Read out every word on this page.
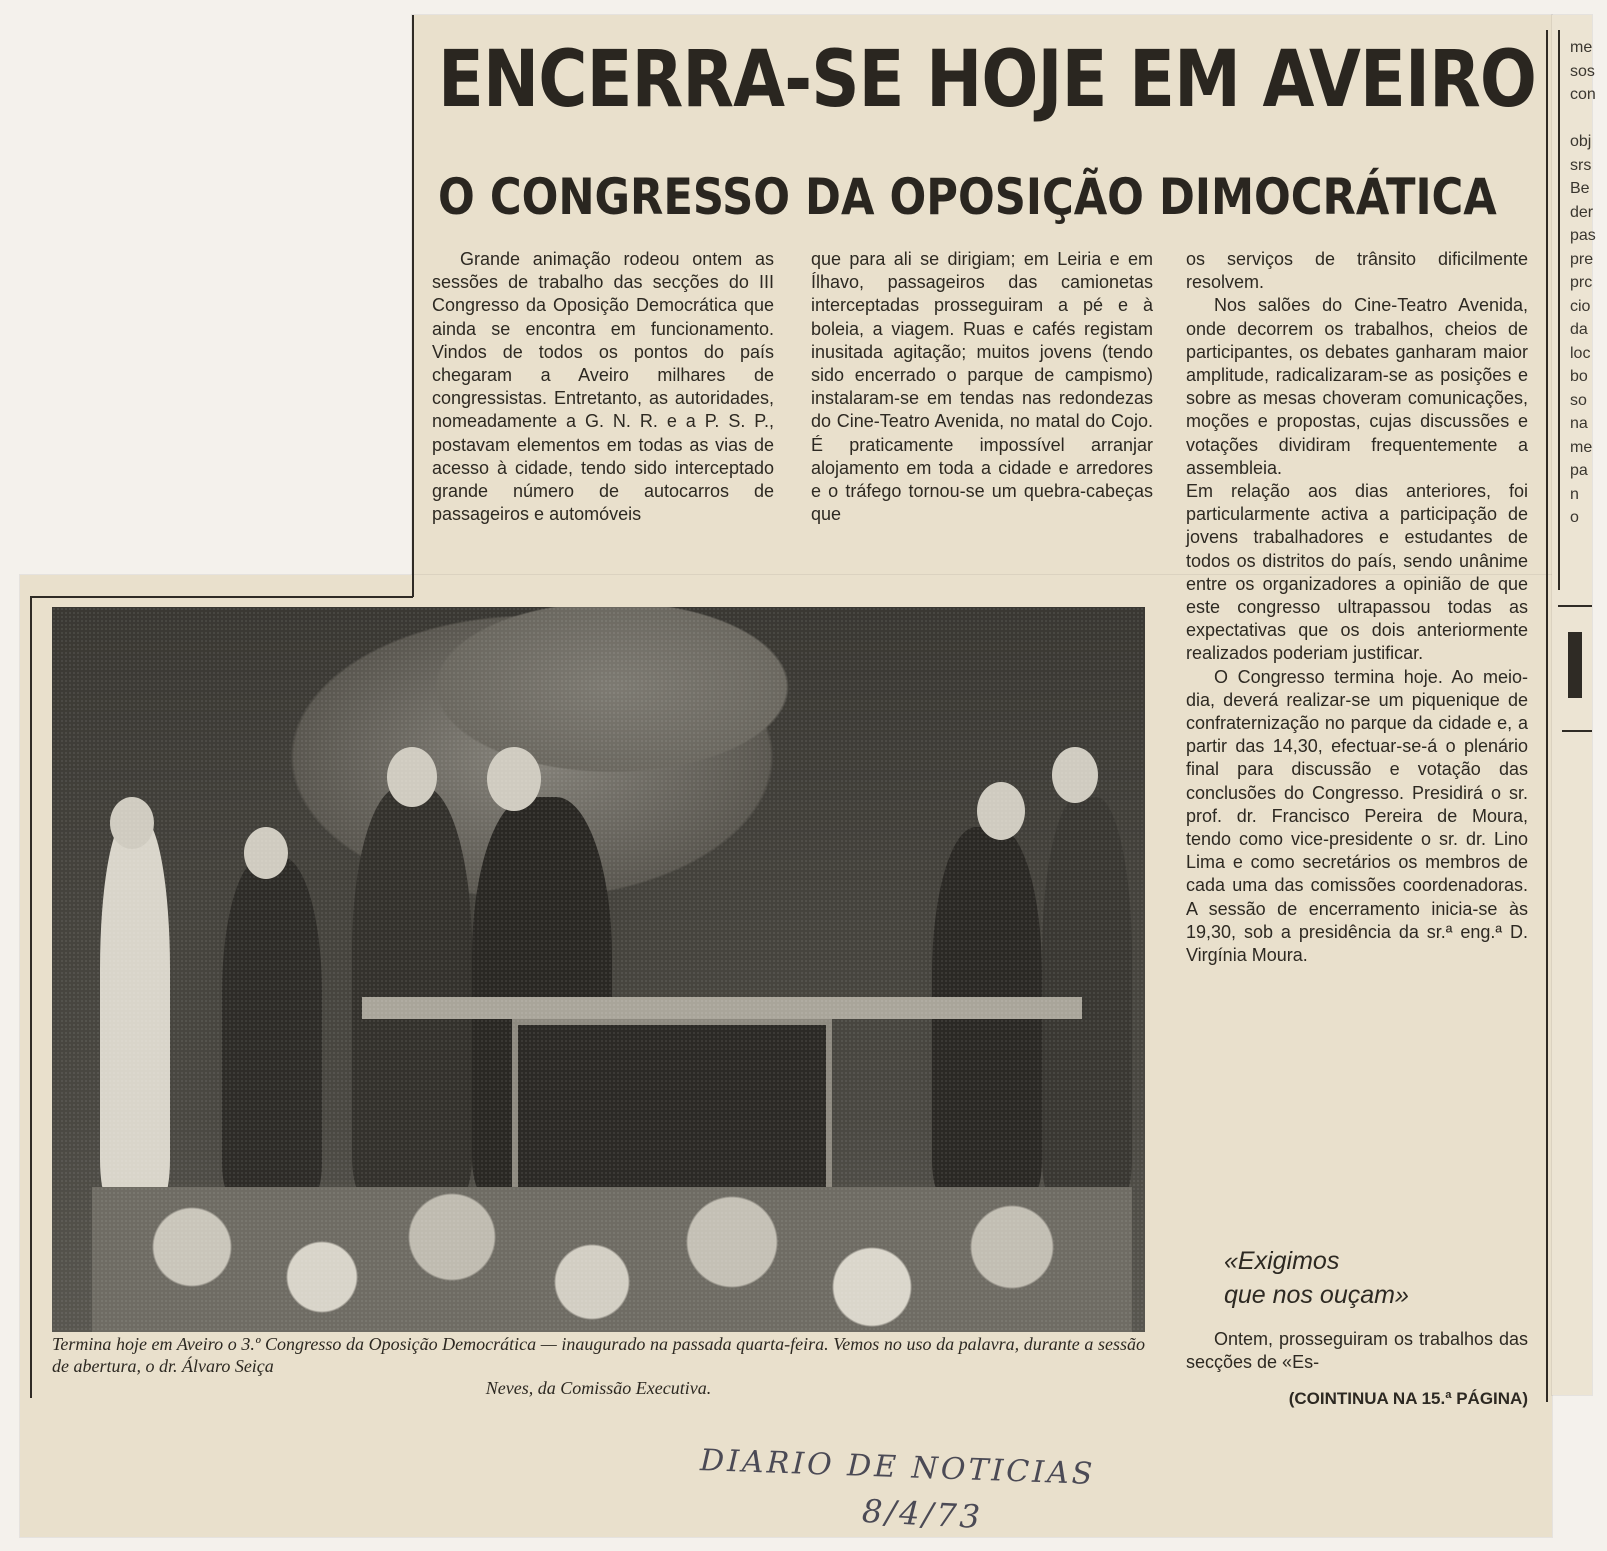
ENCERRA-SE HOJE EM AVEIRO
O CONGRESSO DA OPOSIÇÃO DIMOCRÁTICA

Grande animação rodeou ontem as sessões de trabalho das secções do III Congresso da Oposição Democrática que ainda se encontra em funcionamento. Vindos de todos os pontos do país chegaram a Aveiro milhares de congressistas. Entretanto, as autoridades, nomeadamente a G. N. R. e a P. S. P., postavam elementos em todas as vias de acesso à cidade, tendo sido interceptado grande número de autocarros de passageiros e automóveis

que para ali se dirigiam; em Leiria e em Ílhavo, passageiros das camionetas interceptadas prosseguiram a pé e à boleia, a viagem. Ruas e cafés registam inusitada agitação; muitos jovens (tendo sido encerrado o parque de campismo) instalaram-se em tendas nas redondezas do Cine-Teatro Avenida, no matal do Cojo. É praticamente impossível arranjar alojamento em toda a cidade e arredores e o tráfego tornou-se um quebra-cabeças que

os serviços de trânsito dificilmente resolvem.

Nos salões do Cine-Teatro Avenida, onde decorrem os trabalhos, cheios de participantes, os debates ganharam maior amplitude, radicalizaram-se as posições e sobre as mesas choveram comunicações, moções e propostas, cujas discussões e votações dividiram frequentemente a assembleia.

Em relação aos dias anteriores, foi particularmente activa a participação de jovens trabalhadores e estudantes de todos os distritos do país, sendo unânime entre os organizadores a opinião de que este congresso ultrapassou todas as expectativas que os dois anteriormente realizados poderiam justificar.

O Congresso termina hoje. Ao meio-dia, deverá realizar-se um piquenique de confraternização no parque da cidade e, a partir das 14,30, efectuar-se-á o plenário final para discussão e votação das conclusões do Congresso. Presidirá o sr. prof. dr. Francisco Pereira de Moura, tendo como vice-presidente o sr. dr. Lino Lima e como secretários os membros de cada uma das comissões coordenadoras. A sessão de encerramento inicia-se às 19,30, sob a presidência da sr.ª eng.ª D. Virgínia Moura.

Termina hoje em Aveiro o 3.º Congresso da Oposição Democrática — inaugurado na passada quarta-feira. Vemos no uso da palavra, durante a sessão de abertura, o dr. Álvaro Seiça
Neves, da Comissão Executiva.
«Exigimos
que nos ouçam»

Ontem, prosseguiram os trabalhos das secções de «Es-

(COINTINUA NA 15.ª PÁGINA)
DIARIO DE NOTICIAS
8/4/73
me
sos
con

obj
srs
Be
der
pas
pre
prc
cio
da
loc
bo
so
na
me
pa
n
o
